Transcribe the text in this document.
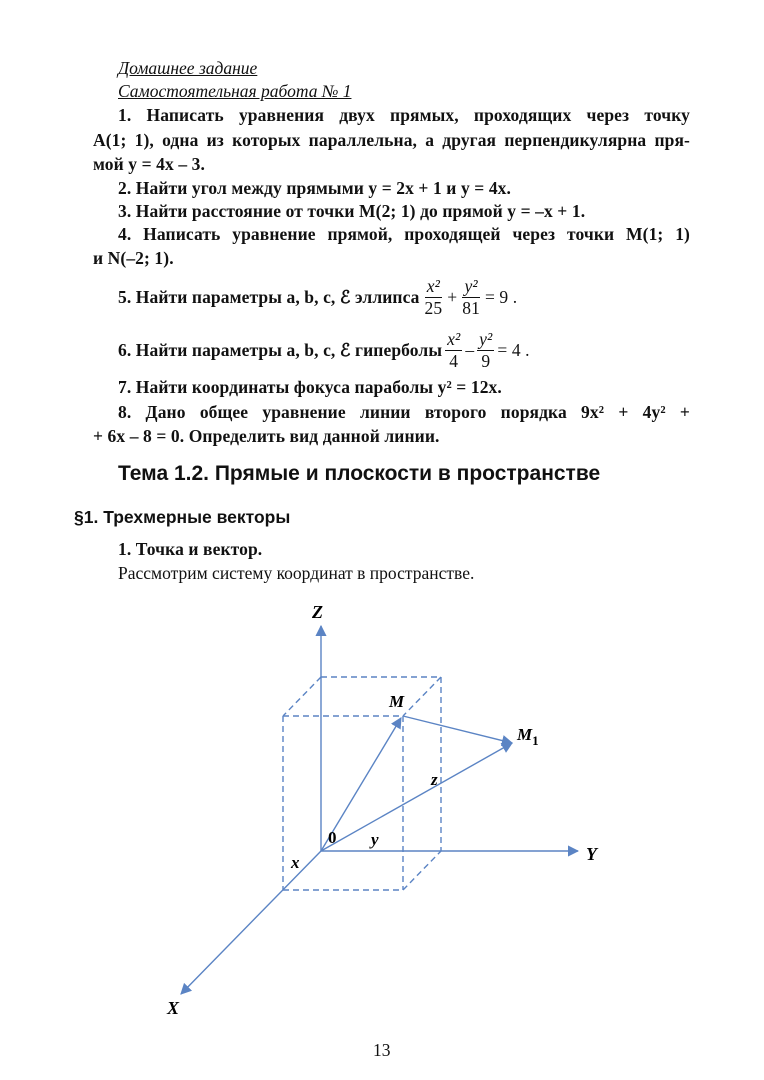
Домашнее задание
Самостоятельная работа № 1
1. Написать уравнения двух прямых, проходящих через точку
A(1; 1), одна из которых параллельна, а другая перпендикулярна пря-
мой y = 4x – 3.
2. Найти угол между прямыми y = 2x + 1 и y = 4x.
3. Найти расстояние от точки M(2; 1) до прямой y = –x + 1.
4. Написать уравнение прямой, проходящей через точки M(1; 1)
и N(–2; 1).
5. Найти параметры a, b, c, ℰ эллипса $\frac{\text{x²}}{25} + \frac{\text{y²}}{81} = 9$ .
6. Найти параметры a, b, c, ℰ гиперболы $\frac{\text{x²}}{4} - \frac{\text{y²}}{9} = 4$ .
7. Найти координаты фокуса параболы y² = 12x.
8. Дано общее уравнение линии второго порядка 9x² + 4y² +
+ 6x – 8 = 0. Определить вид данной линии.
Тема 1.2. Прямые и плоскости в пространстве
§1. Трехмерные векторы
1. Точка и вектор.
Рассмотрим систему координат в пространстве.
Z
Y
X
0
M
$M_1$
x
y
z
13
